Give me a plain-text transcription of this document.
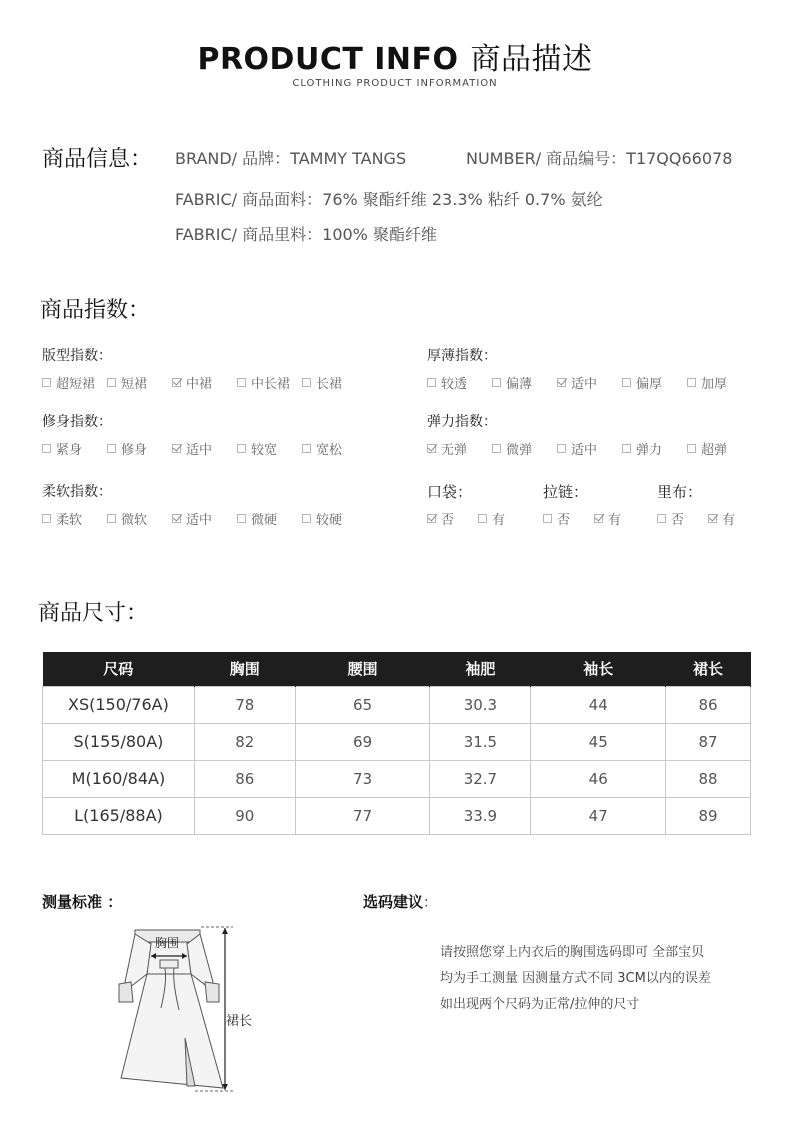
PRODUCT INFO 商品描述
CLOTHING PRODUCT INFORMATION
商品信息： BRAND/ 品牌：TAMMY TANGS	NUMBER/ 商品编号：T17QQ66078
FABRIC/ 商品面料：76% 聚酯纤维 23.3% 粘纤 0.7% 氨纶
FABRIC/ 商品里料：100% 聚酯纤维
商品指数：
版型指数：
超短裙 短裙	中裙	中长裙 长裙
厚薄指数：
较透	偏薄	适中	偏厚	加厚
修身指数：
紧身	修身	适中	较宽	宽松
弹力指数：
无弹	微弹	适中	弹力	超弹
柔软指数：
柔软	微软	适中	微硬	较硬
口袋：
否	有
拉链：
否	有
里布：
否	有
商品尺寸：
尺码	胸围	腰围	袖肥	袖长	裙长
XS(150/76A)	78	65	30.3	44	86
S(155/80A)	82	69	31.5	45	87
M(160/84A)	86	73	32.7	46	88
L(165/88A)	90	77	33.9	47	89
测量标准 ：
胸围
裙长
选码建议：
请按照您穿上内衣后的胸围选码即可 全部宝贝
均为手工测量 因测量方式不同 3CM以内的误差
如出现两个尺码为正常/拉伸的尺寸
